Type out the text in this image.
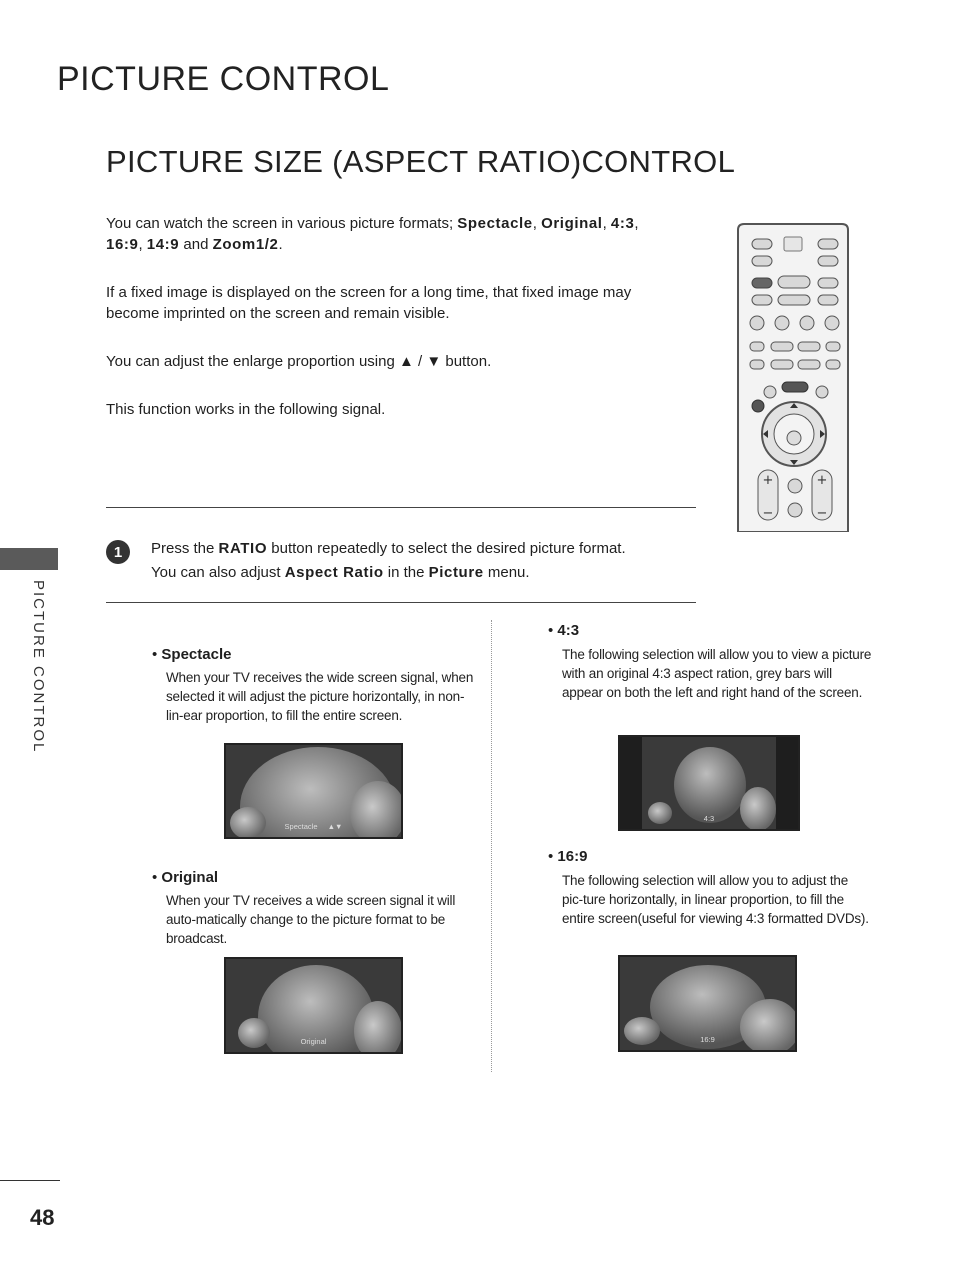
PICTURE CONTROL
PICTURE SIZE (ASPECT RATIO)CONTROL
You can watch the screen in various picture formats; Spectacle, Original, 4:3,
16:9, 14:9 and Zoom1/2.
If a fixed image is displayed on the screen for a long time, that fixed image may become imprinted on the screen and remain visible.
You can adjust the enlarge proportion using ▲ / ▼ button.
This function works in the following signal.
+
−
+
−
1	Press the RATIO button repeatedly to select the desired picture format.
You can also adjust Aspect Ratio in the Picture menu.
PICTURE CONTROL	• Spectacle
When your TV receives the wide screen signal, when selected it will adjust the picture horizontally, in non-lin-ear proportion, to fill the entire screen.
Spectacle ▲▼
• Original
When your TV receives a wide screen signal it will auto-matically change to the picture format to be broadcast.
Original
• 4:3
The following selection will allow you to view a picture with an original 4:3 aspect ration, grey bars will appear on both the left and right hand of the screen.
4:3
• 16:9
The following selection will allow you to adjust the pic-ture horizontally, in linear proportion, to fill the entire screen(useful for viewing 4:3 formatted DVDs).
16:9
48
